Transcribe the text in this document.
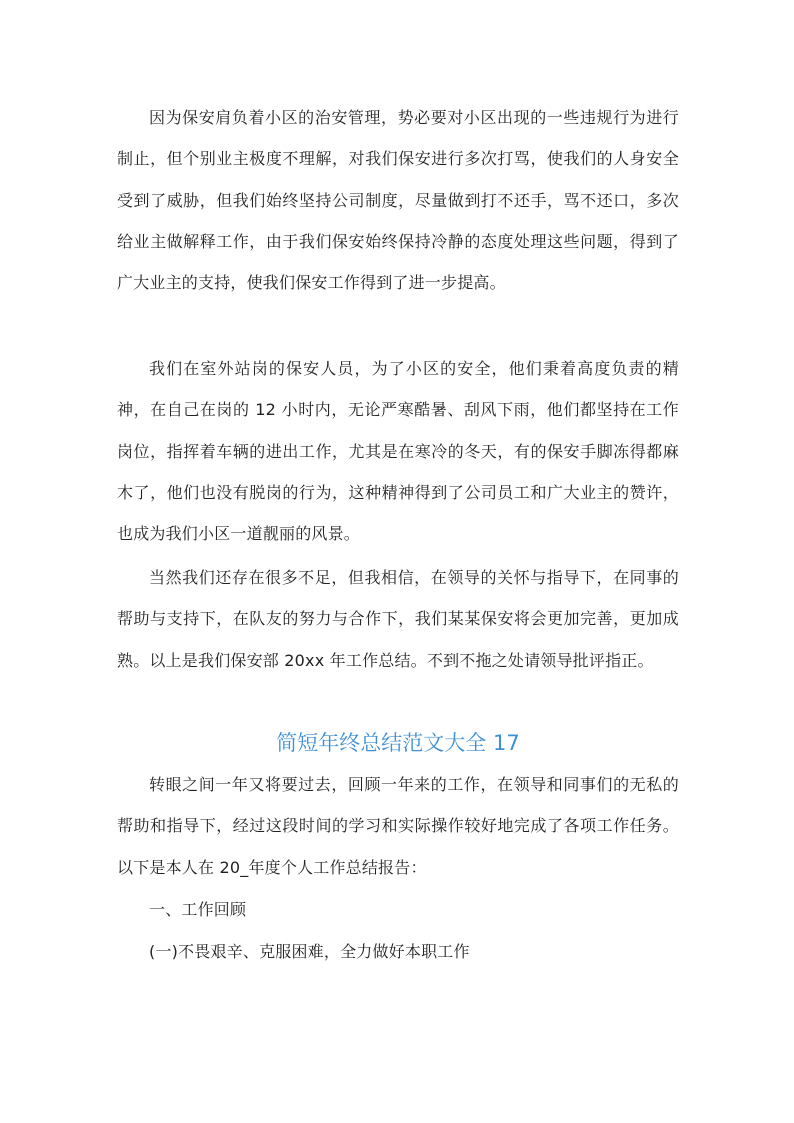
因为保安肩负着小区的治安管理，势必要对小区出现的一些违规行为进行制止，但个别业主极度不理解，对我们保安进行多次打骂，使我们的人身安全受到了威胁，但我们始终坚持公司制度，尽量做到打不还手，骂不还口，多次给业主做解释工作，由于我们保安始终保持冷静的态度处理这些问题，得到了广大业主的支持，使我们保安工作得到了进一步提高。

我们在室外站岗的保安人员，为了小区的安全，他们秉着高度负责的精神，在自己在岗的 12 小时内，无论严寒酷暑、刮风下雨，他们都坚持在工作岗位，指挥着车辆的进出工作，尤其是在寒冷的冬天，有的保安手脚冻得都麻木了，他们也没有脱岗的行为，这种精神得到了公司员工和广大业主的赞许，也成为我们小区一道靓丽的风景。

当然我们还存在很多不足，但我相信，在领导的关怀与指导下，在同事的帮助与支持下，在队友的努力与合作下，我们某某保安将会更加完善，更加成熟。以上是我们保安部 20xx 年工作总结。不到不拖之处请领导批评指正。

简短年终总结范文大全 17

转眼之间一年又将要过去，回顾一年来的工作，在领导和同事们的无私的帮助和指导下，经过这段时间的学习和实际操作较好地完成了各项工作任务。以下是本人在 20_年度个人工作总结报告：

一、工作回顾

(一)不畏艰辛、克服困难，全力做好本职工作
